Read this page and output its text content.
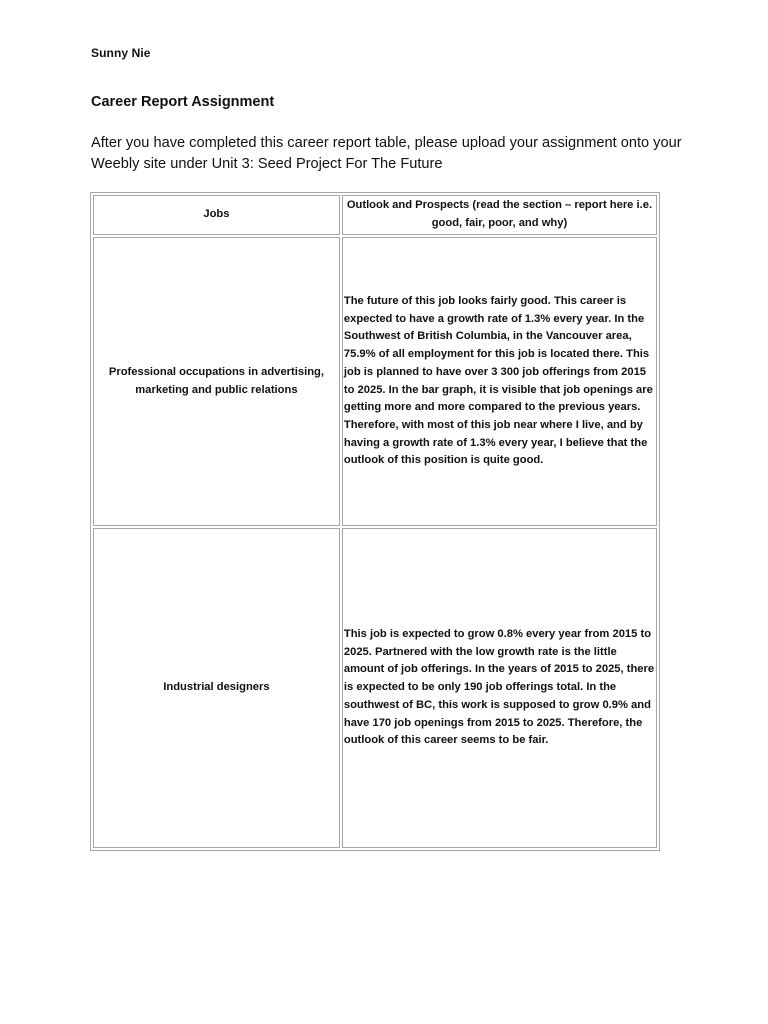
Sunny Nie
Career Report Assignment
After you have completed this career report table, please upload your assignment onto your Weebly site under Unit 3: Seed Project For The Future
Jobs	Outlook and Prospects (read the section – report here i.e. good, fair, poor, and why)
Professional occupations in advertising, marketing and public relations	The future of this job looks fairly good. This career is expected to have a growth rate of 1.3% every year. In the Southwest of British Columbia, in the Vancouver area, 75.9% of all employment for this job is located there. This job is planned to have over 3 300 job offerings from 2015 to 2025. In the bar graph, it is visible that job openings are getting more and more compared to the previous years. Therefore, with most of this job near where I live, and by having a growth rate of 1.3% every year, I believe that the outlook of this position is quite good.
Industrial designers	This job is expected to grow 0.8% every year from 2015 to 2025. Partnered with the low growth rate is the little amount of job offerings. In the years of 2015 to 2025, there is expected to be only 190 job offerings total. In the southwest of BC, this work is supposed to grow 0.9% and have 170 job openings from 2015 to 2025. Therefore, the outlook of this career seems to be fair.
